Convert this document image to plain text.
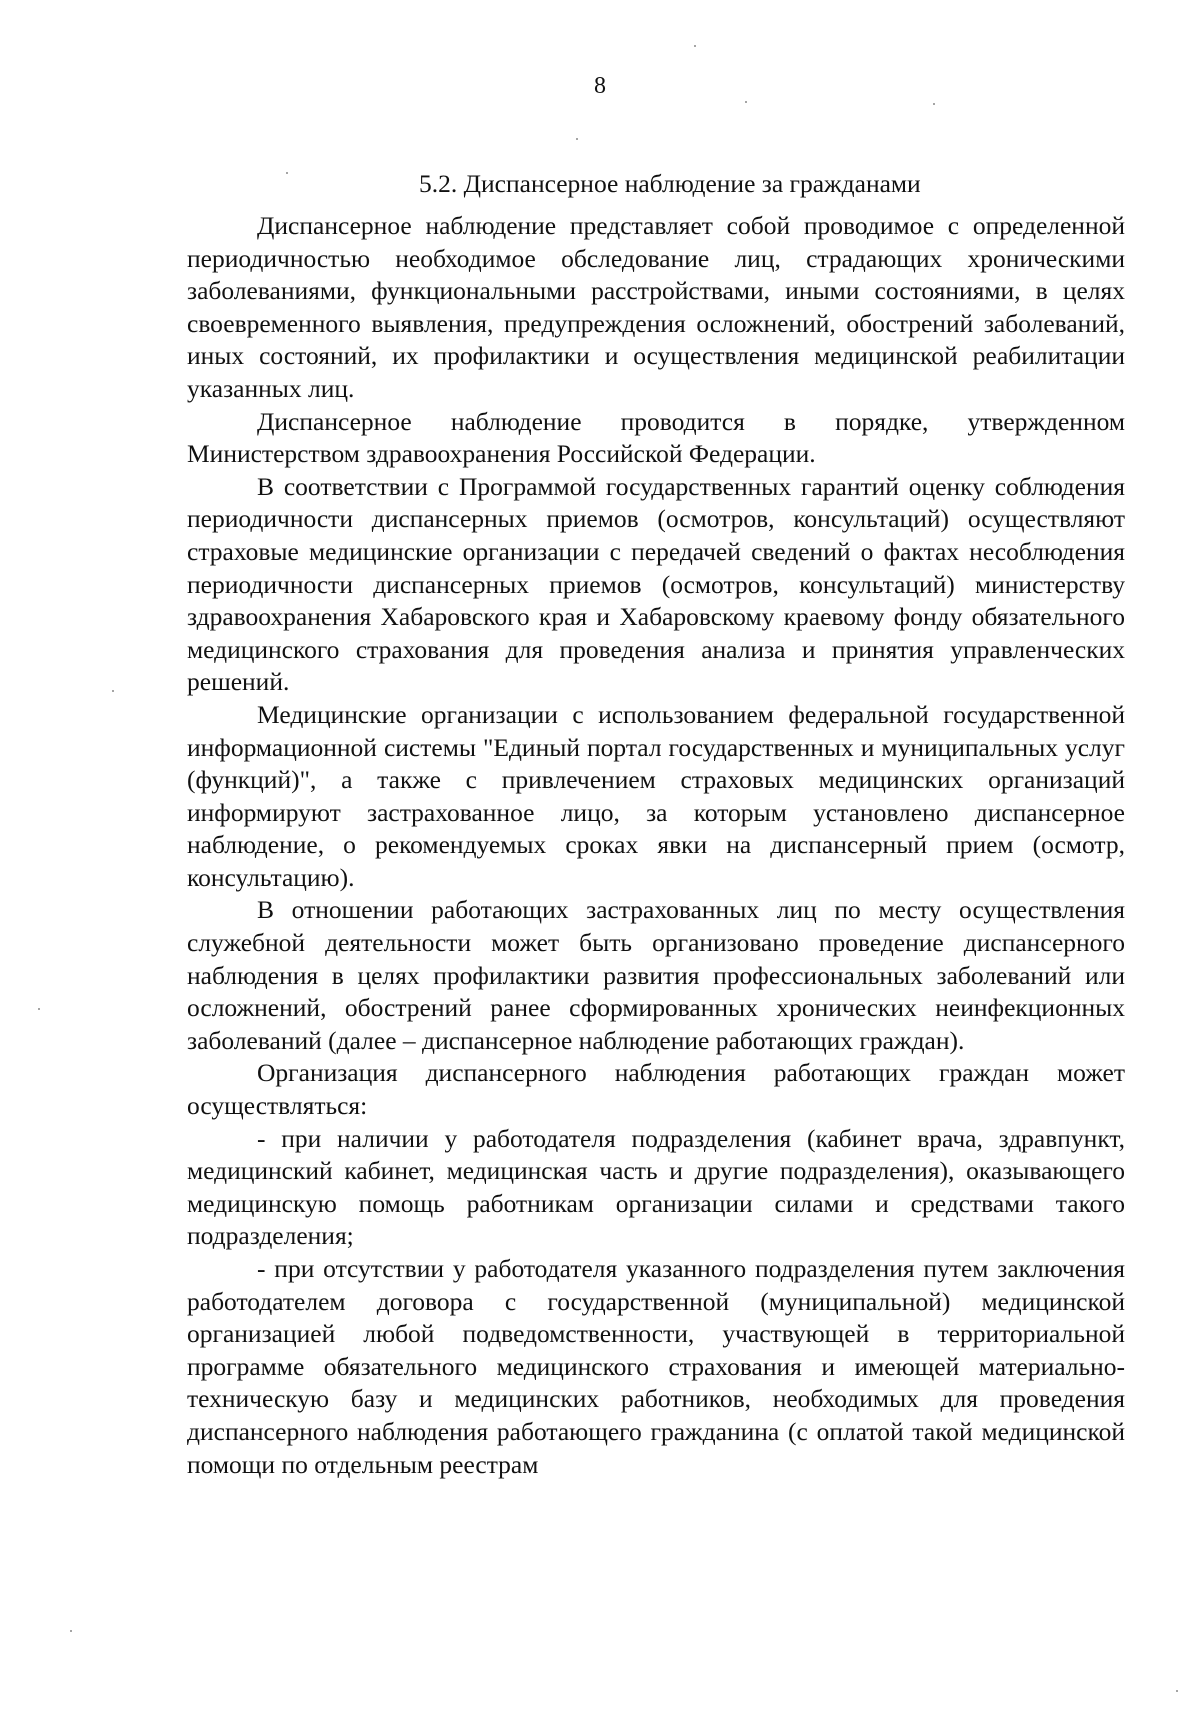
8
5.2. Диспансерное наблюдение за гражданами

Диспансерное наблюдение представляет собой проводимое с определенной периодичностью необходимое обследование лиц, страдающих хроническими заболеваниями, функциональными расстройствами, иными состояниями, в целях своевременного выявления, предупреждения осложнений, обострений заболеваний, иных состояний, их профилактики и осуществления медицинской реабилитации указанных лиц.

Диспансерное наблюдение проводится в порядке, утвержденном Министерством здравоохранения Российской Федерации.

В соответствии с Программой государственных гарантий оценку соблюдения периодичности диспансерных приемов (осмотров, консультаций) осуществляют страховые медицинские организации с передачей сведений о фактах несоблюдения периодичности диспансерных приемов (осмотров, консультаций) министерству здравоохранения Хабаровского края и Хабаровскому краевому фонду обязательного медицинского страхования для проведения анализа и принятия управленческих решений.

Медицинские организации с использованием федеральной государственной информационной системы "Единый портал государственных и муниципальных услуг (функций)", а также с привлечением страховых медицинских организаций информируют застрахованное лицо, за которым установлено диспансерное наблюдение, о рекомендуемых сроках явки на диспансерный прием (осмотр, консультацию).

В отношении работающих застрахованных лиц по месту осуществления служебной деятельности может быть организовано проведение диспансерного наблюдения в целях профилактики развития профессиональных заболеваний или осложнений, обострений ранее сформированных хронических неинфекционных заболеваний (далее – диспансерное наблюдение работающих граждан).

Организация диспансерного наблюдения работающих граждан может осуществляться:

- при наличии у работодателя подразделения (кабинет врача, здравпункт, медицинский кабинет, медицинская часть и другие подразделения), оказывающего медицинскую помощь работникам организации силами и средствами такого подразделения;

- при отсутствии у работодателя указанного подразделения путем заключения работодателем договора с государственной (муниципальной) медицинской организацией любой подведомственности, участвующей в территориальной программе обязательного медицинского страхования и имеющей материально-техническую базу и медицинских работников, необходимых для проведения диспансерного наблюдения работающего гражданина (с оплатой такой медицинской помощи по отдельным реестрам
